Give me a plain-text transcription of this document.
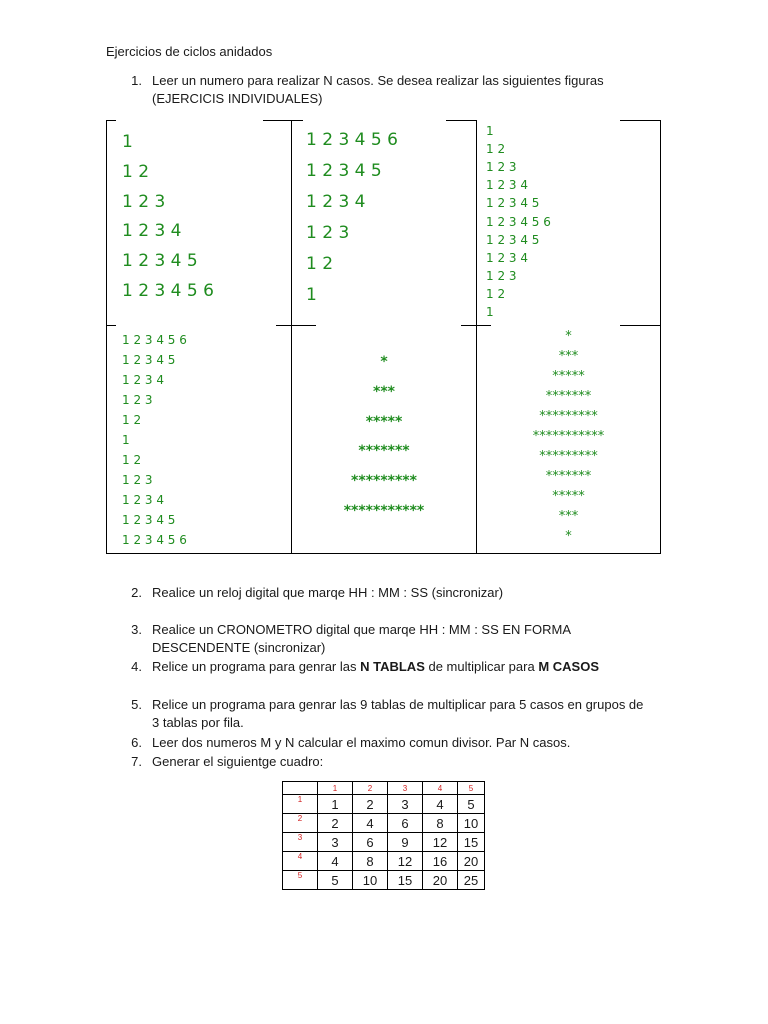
Ejercicios de ciclos anidados
1. Leer un numero para realizar N casos. Se desea realizar las siguientes figuras (EJERCICIS INDIVIDUALES)
1
1 2
1 2 3
1 2 3 4
1 2 3 4 5
1 2 3 4 5 6
1 2 3 4 5 6
1 2 3 4 5
1 2 3 4
1 2 3
1 2
1
1
1 2
1 2 3
1 2 3 4
1 2 3 4 5
1 2 3 4 5 6
1 2 3 4 5
1 2 3 4
1 2 3
1 2
1
1 2 3 4 5 6
1 2 3 4 5
1 2 3 4
1 2 3
1 2
1
1 2
1 2 3
1 2 3 4
1 2 3 4 5
1 2 3 4 5 6
*
***
*****
*******
*********
***********
*
***
*****
*******
*********
***********
*********
*******
*****
***
*
2. Realice un reloj digital que marqe HH : MM : SS (sincronizar)
3. Realice un CRONOMETRO digital que marqe HH : MM : SS EN FORMA DESCENDENTE (sincronizar)
4. Relice un programa para genrar las N TABLAS de multiplicar para M CASOS
5. Relice un programa para genrar las 9 tablas de multiplicar para 5 casos en grupos de 3 tablas por fila.
6. Leer dos numeros M y N calcular el maximo comun divisor. Par N casos.
7. Generar el siguientge cuadro:
	1	2	3	4	5
1	1	2	3	4	5
2	2	4	6	8	10
3	3	6	9	12	15
4	4	8	12	16	20
5	5	10	15	20	25
